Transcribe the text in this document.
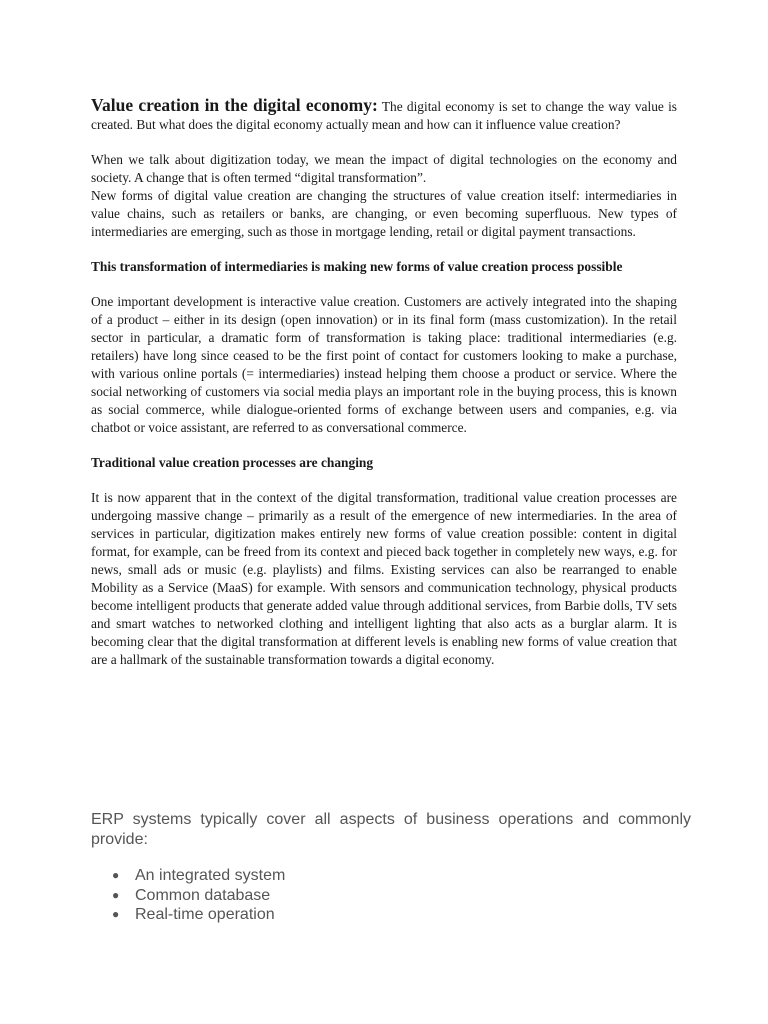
Value creation in the digital economy: The digital economy is set to change the way value is created. But what does the digital economy actually mean and how can it influence value creation?

When we talk about digitization today, we mean the impact of digital technologies on the economy and society. A change that is often termed “digital transformation”.

New forms of digital value creation are changing the structures of value creation itself: intermediaries in value chains, such as retailers or banks, are changing, or even becoming superfluous. New types of intermediaries are emerging, such as those in mortgage lending, retail or digital payment transactions.

This transformation of intermediaries is making new forms of value creation process possible

One important development is interactive value creation. Customers are actively integrated into the shaping of a product – either in its design (open innovation) or in its final form (mass customization). In the retail sector in particular, a dramatic form of transformation is taking place: traditional intermediaries (e.g. retailers) have long since ceased to be the first point of contact for customers looking to make a purchase, with various online portals (= intermediaries) instead helping them choose a product or service. Where the social networking of customers via social media plays an important role in the buying process, this is known as social commerce, while dialogue-oriented forms of exchange between users and companies, e.g. via chatbot or voice assistant, are referred to as conversational commerce.

Traditional value creation processes are changing

It is now apparent that in the context of the digital transformation, traditional value creation processes are undergoing massive change – primarily as a result of the emergence of new intermediaries. In the area of services in particular, digitization makes entirely new forms of value creation possible: content in digital format, for example, can be freed from its context and pieced back together in completely new ways, e.g. for news, small ads or music (e.g. playlists) and films. Existing services can also be rearranged to enable Mobility as a Service (MaaS) for example. With sensors and communication technology, physical products become intelligent products that generate added value through additional services, from Barbie dolls, TV sets and smart watches to networked clothing and intelligent lighting that also acts as a burglar alarm. It is becoming clear that the digital transformation at different levels is enabling new forms of value creation that are a hallmark of the sustainable transformation towards a digital economy.

ERP systems typically cover all aspects of business operations and commonly provide:

● An integrated system
● Common database
● Real-time operation
